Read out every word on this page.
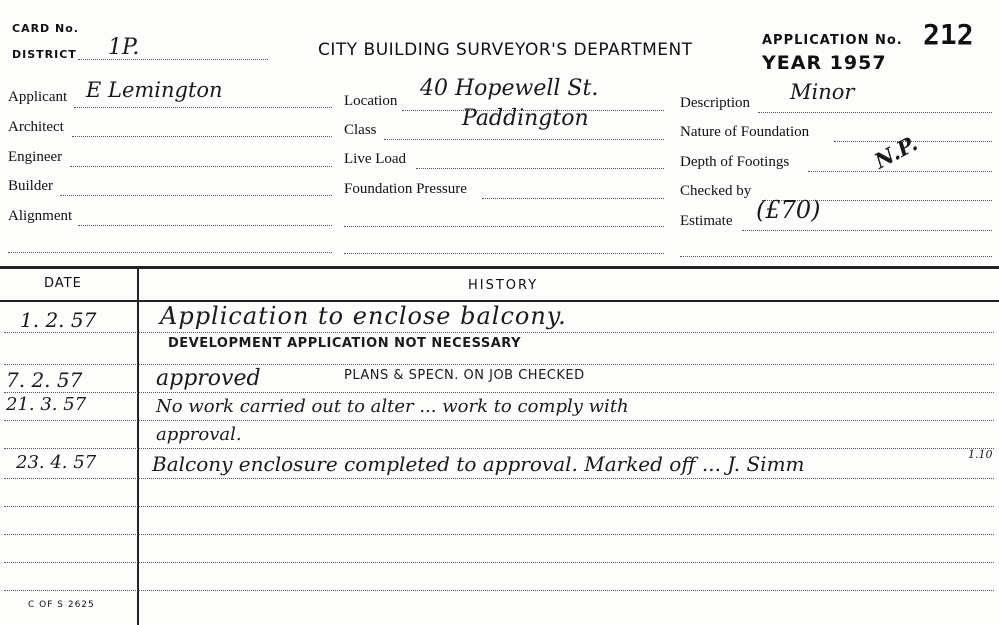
CARD No.
DISTRICT 1P.	CITY BUILDING SURVEYOR'S DEPARTMENT	APPLICATION No. 212
YEAR 1957
Applicant E Lemington
Architect
Engineer
Builder
Alignment
Location 40 Hopewell St.
Class	Paddington
Live Load
Foundation Pressure
Description Minor
Nature of Foundation
Depth of Footings	N.P.
Checked by
Estimate (£70)
DATE	HISTORY
1. 2. 57	Application to enclose balcony.
DEVELOPMENT APPLICATION NOT NECESSARY
7. 2. 57	approved	PLANS & SPECN. ON JOB CHECKED
21. 3. 57	No work carried out to alter ... work to comply with
approval.
23. 4. 57	Balcony enclosure completed to approval. Marked off ... J. Simm	1.10
C OF S 2625
